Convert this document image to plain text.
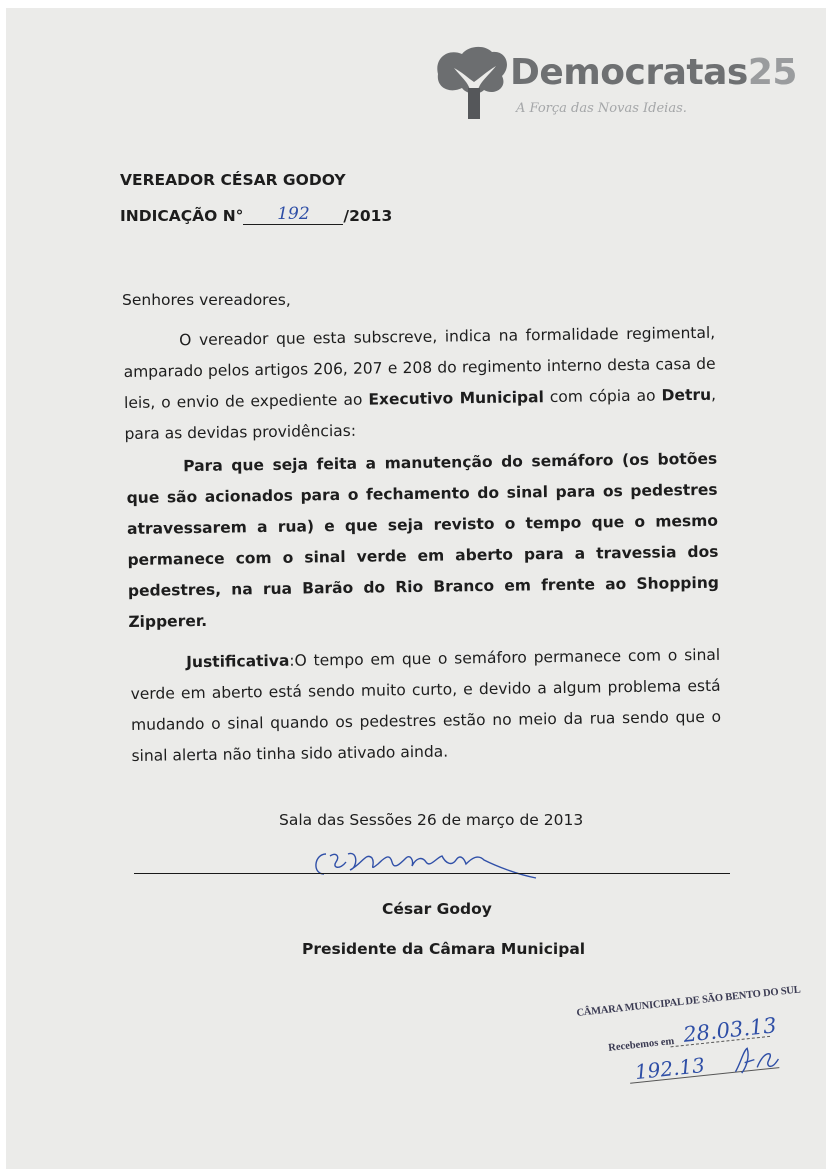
Democratas25
A Força das Novas Ideias.
VEREADOR CÉSAR GODOY
INDICAÇÃO N° 192 /2013
Senhores vereadores,
O vereador que esta subscreve, indica na formalidade regimental, amparado pelos artigos 206, 207 e 208 do regimento interno desta casa de leis, o envio de expediente ao Executivo Municipal com cópia ao Detru, para as devidas providências:
Para que seja feita a manutenção do semáforo (os botões que são acionados para o fechamento do sinal para os pedestres atravessarem a rua) e que seja revisto o tempo que o mesmo permanece com o sinal verde em aberto para a travessia dos pedestres, na rua Barão do Rio Branco em frente ao Shopping Zipperer.
Justificativa:O tempo em que o semáforo permanece com o sinal verde em aberto está sendo muito curto, e devido a algum problema está mudando o sinal quando os pedestres estão no meio da rua sendo que o sinal alerta não tinha sido ativado ainda.
Sala das Sessões 26 de março de 2013
César Godoy
Presidente da Câmara Municipal
CÂMARA MUNICIPAL DE SÃO BENTO DO SUL
Recebemos em 28.03.13
192.13
